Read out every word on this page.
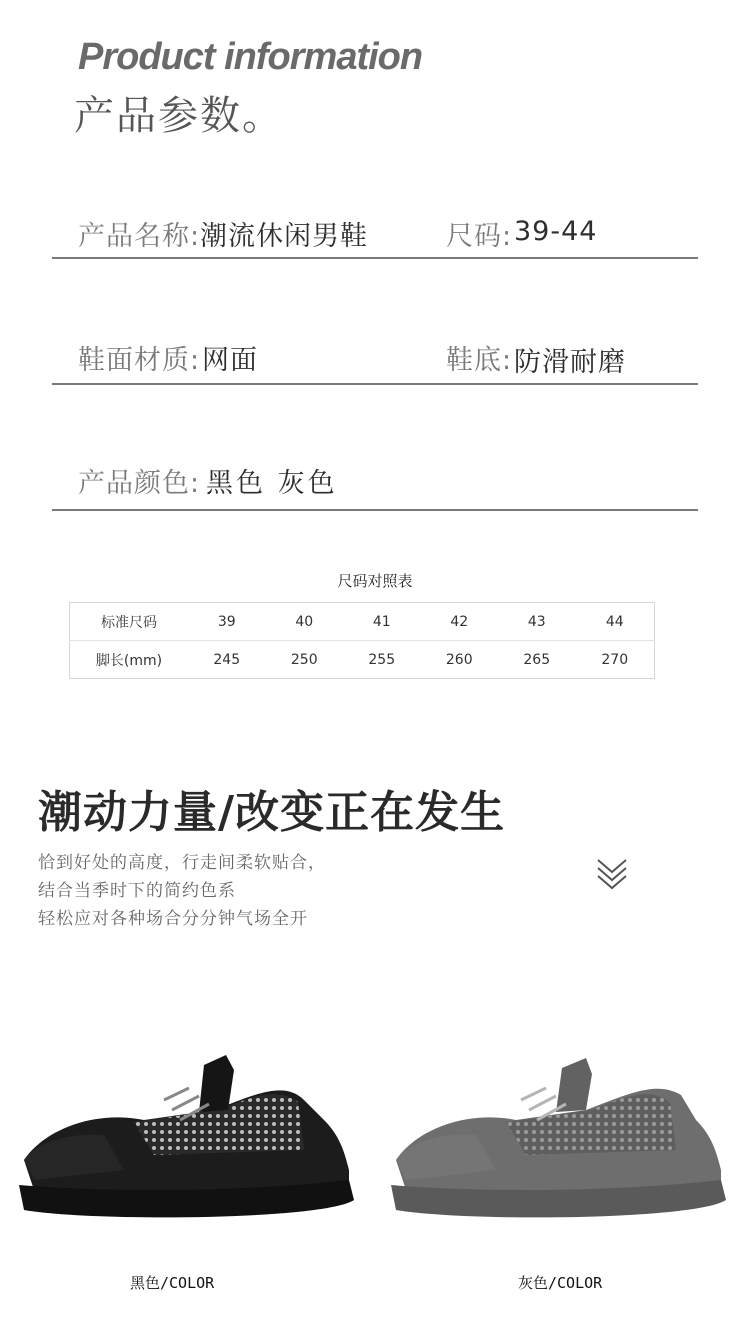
Product information
产品参数。
产品名称: 潮流休闲男鞋	尺码: 39-44
鞋面材质: 网面	鞋底: 防滑耐磨
产品颜色: 黑色 灰色
尺码对照表
标准尺码	39	40	41	42	43	44
脚长(mm)	245	250	255	260	265	270
潮动力量/改变正在发生
恰到好处的高度，行走间柔软贴合，
结合当季时下的简约色系
轻松应对各种场合分分钟气场全开
黑色/COLOR	灰色/COLOR
